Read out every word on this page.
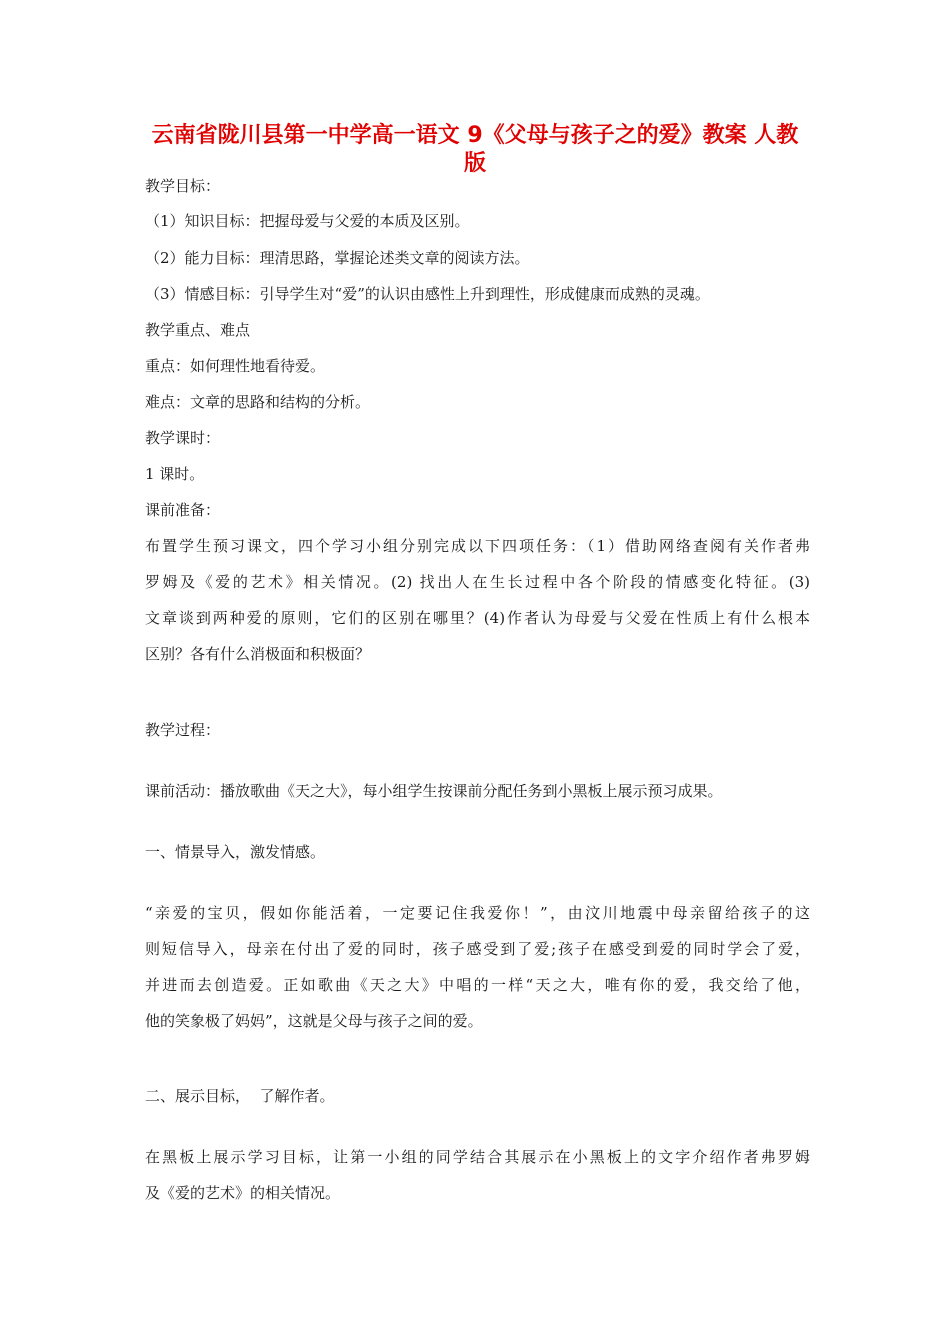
云南省陇川县第一中学高一语文 9《父母与孩子之的爱》教案 人教
版

教学目标：

（1）知识目标：把握母爱与父爱的本质及区别。

（2）能力目标：理清思路，掌握论述类文章的阅读方法。

（3）情感目标：引导学生对“爱”的认识由感性上升到理性，形成健康而成熟的灵魂。

教学重点、难点

重点：如何理性地看待爱。

难点：文章的思路和结构的分析。

教学课时：

1 课时。

课前准备：

布置学生预习课文，四个学习小组分别完成以下四项任务：（1）借助网络查阅有关作者弗
罗姆及《爱的艺术》相关情况。(2) 找出人在生长过程中各个阶段的情感变化特征。(3)
文章谈到两种爱的原则，它们的区别在哪里？(4)作者认为母爱与父爱在性质上有什么根本
区别？各有什么消极面和积极面？

教学过程：

课前活动：播放歌曲《天之大》，每小组学生按课前分配任务到小黑板上展示预习成果。

一、情景导入，激发情感。

“亲爱的宝贝，假如你能活着，一定要记住我爱你！”，由汶川地震中母亲留给孩子的这
则短信导入，母亲在付出了爱的同时，孩子感受到了爱;孩子在感受到爱的同时学会了爱，
并进而去创造爱。正如歌曲《天之大》中唱的一样“天之大，唯有你的爱，我交给了他，
他的笑象极了妈妈”，这就是父母与孩子之间的爱。

二、展示目标，  了解作者。

在黑板上展示学习目标，让第一小组的同学结合其展示在小黑板上的文字介绍作者弗罗姆
及《爱的艺术》的相关情况。
